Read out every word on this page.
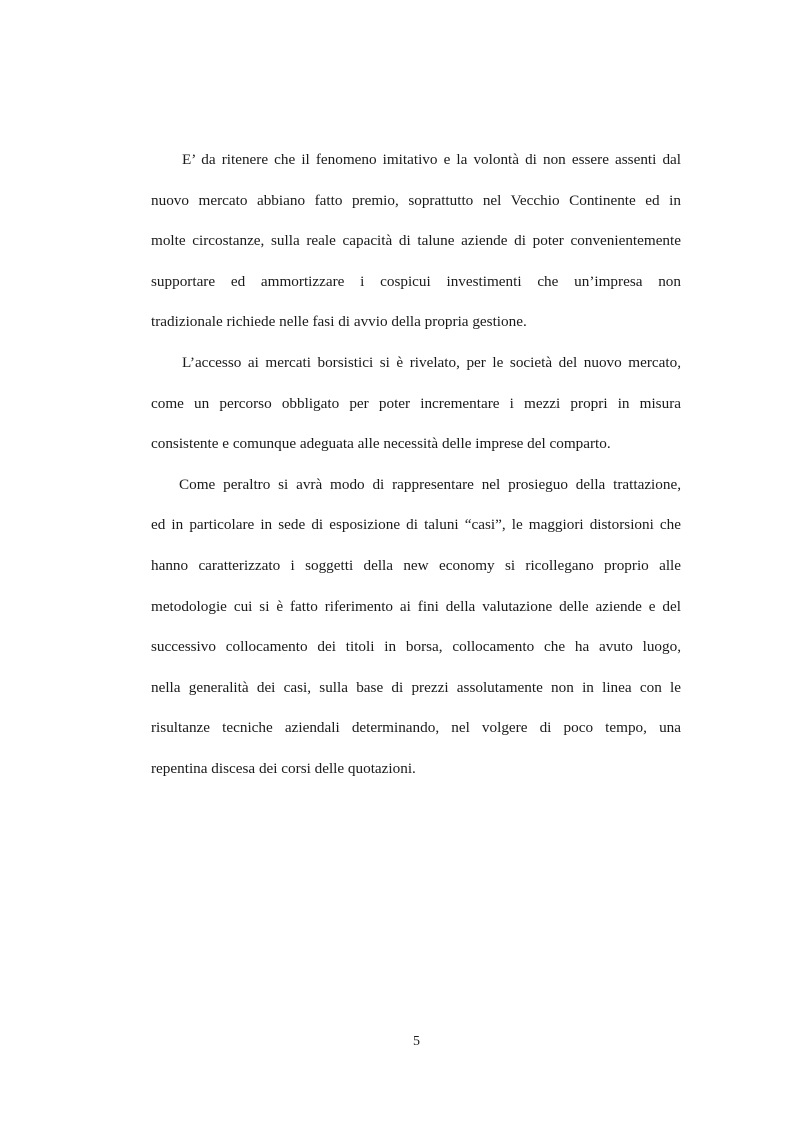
E’ da ritenere che il fenomeno imitativo e la volontà di non essere assenti dal
nuovo mercato abbiano fatto premio, soprattutto nel Vecchio Continente ed in
molte circostanze, sulla reale capacità di talune aziende di poter convenientemente
supportare ed ammortizzare i cospicui investimenti che un’impresa non
tradizionale richiede nelle fasi di avvio della propria gestione.
L’accesso ai mercati borsistici si è rivelato, per le società del nuovo mercato,
come un percorso obbligato per poter incrementare i mezzi propri in misura
consistente e comunque adeguata alle necessità delle imprese del comparto.
Come peraltro si avrà modo di rappresentare nel prosieguo della trattazione,
ed in particolare in sede di esposizione di taluni “casi”, le maggiori distorsioni che
hanno caratterizzato i soggetti della new economy si ricollegano proprio alle
metodologie cui si è fatto riferimento ai fini della valutazione delle aziende e del
successivo collocamento dei titoli in borsa, collocamento che ha avuto luogo,
nella generalità dei casi, sulla base di prezzi assolutamente non in linea con le
risultanze tecniche aziendali determinando, nel volgere di poco tempo, una
repentina discesa dei corsi delle quotazioni.
5
